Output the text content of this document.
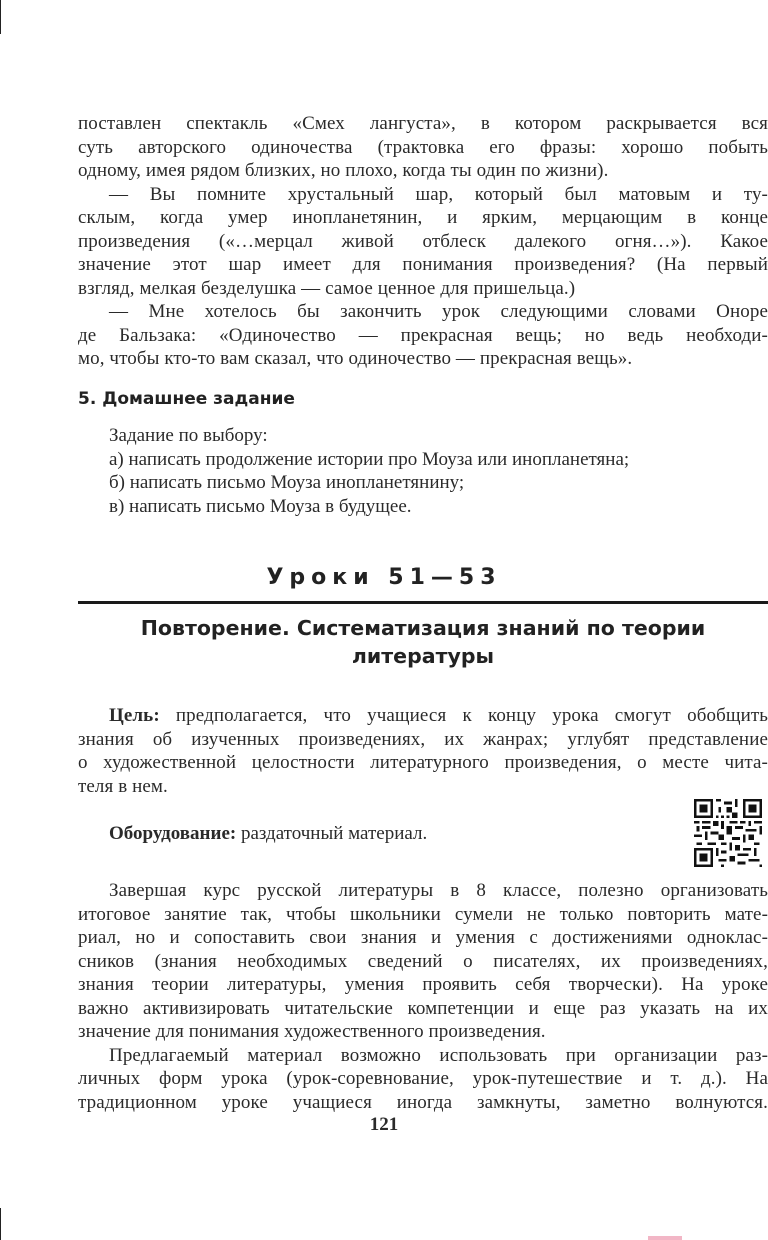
поставлен спектакль «Смех лангуста», в котором раскрывается вся

суть авторского одиночества (трактовка его фразы: хорошо побыть

одному, имея рядом близких, но плохо, когда ты один по жизни).

— Вы помните хрустальный шар, который был матовым и ту-

склым, когда умер инопланетянин, и ярким, мерцающим в конце

произведения («…мерцал живой отблеск далекого огня…»). Какое

значение этот шар имеет для понимания произведения? (На первый

взгляд, мелкая безделушка — самое ценное для пришельца.)

— Мне хотелось бы закончить урок следующими словами Оноре

де Бальзака: «Одиночество — прекрасная вещь; но ведь необходи-

мо, чтобы кто-то вам сказал, что одиночество — прекрасная вещь».

5. Домашнее задание

Задание по выбору:

а) написать продолжение истории про Моуза или инопланетяна;

б) написать письмо Моуза инопланетянину;

в) написать письмо Моуза в будущее.

Уроки 51—53
Повторение. Систематизация знаний по теории
литературы

Цель: предполагается, что учащиеся к концу урока смогут обобщить

знания об изученных произведениях, их жанрах; углубят представление

о художественной целостности литературного произведения, о месте чита-

теля в нем.

Оборудование: раздаточный материал.

Завершая курс русской литературы в 8 классе, полезно организовать

итоговое занятие так, чтобы школьники сумели не только повторить мате-

риал, но и сопоставить свои знания и умения с достижениями одноклас-

сников (знания необходимых сведений о писателях, их произведениях,

знания теории литературы, умения проявить себя творчески). На уроке

важно активизировать читательские компетенции и еще раз указать на их

значение для понимания художественного произведения.

Предлагаемый материал возможно использовать при организации раз-

личных форм урока (урок-соревнование, урок-путешествие и т. д.). На

традиционном уроке учащиеся иногда замкнуты, заметно волнуются.

121
